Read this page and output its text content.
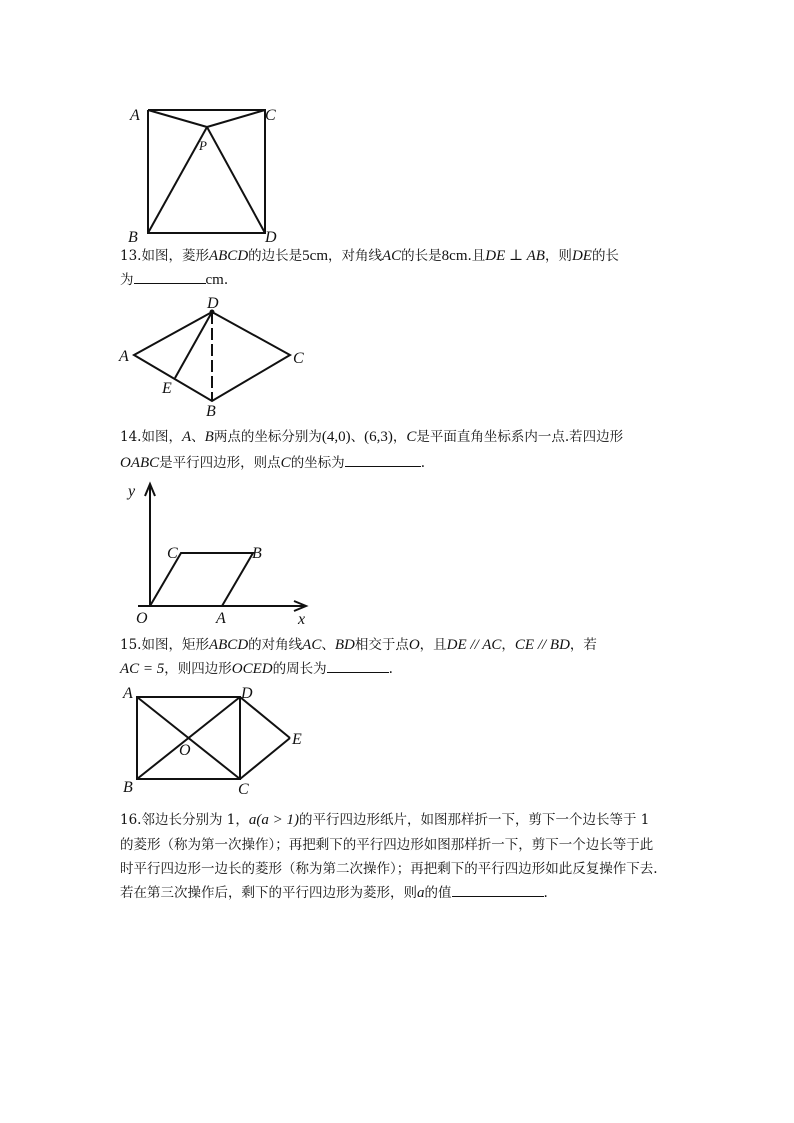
A	C
B	D
P
13.如图，菱形ABCD的边长是5cm，对角线AC的长是8cm.且DE ⊥ AB，则DE的长
为	cm.
A
D
C
B
E
14.如图，A、B两点的坐标分别为(4,0)、(6,3)，C是平面直角坐标系内一点.若四边形
OABC是平行四边形，则点C的坐标为	.
y
x
O	A
C	B
15.如图，矩形ABCD的对角线AC、BD相交于点O，且DE // AC，CE // BD，若
AC = 5，则四边形OCED的周长为	.
A	D
E
O
B	C
16.邻边长分别为 1，a(a > 1)的平行四边形纸片，如图那样折一下，剪下一个边长等于 1
的菱形（称为第一次操作）；再把剩下的平行四边形如图那样折一下，剪下一个边长等于此
时平行四边形一边长的菱形（称为第二次操作）；再把剩下的平行四边形如此反复操作下去.
若在第三次操作后，剩下的平行四边形为菱形，则a的值	.
